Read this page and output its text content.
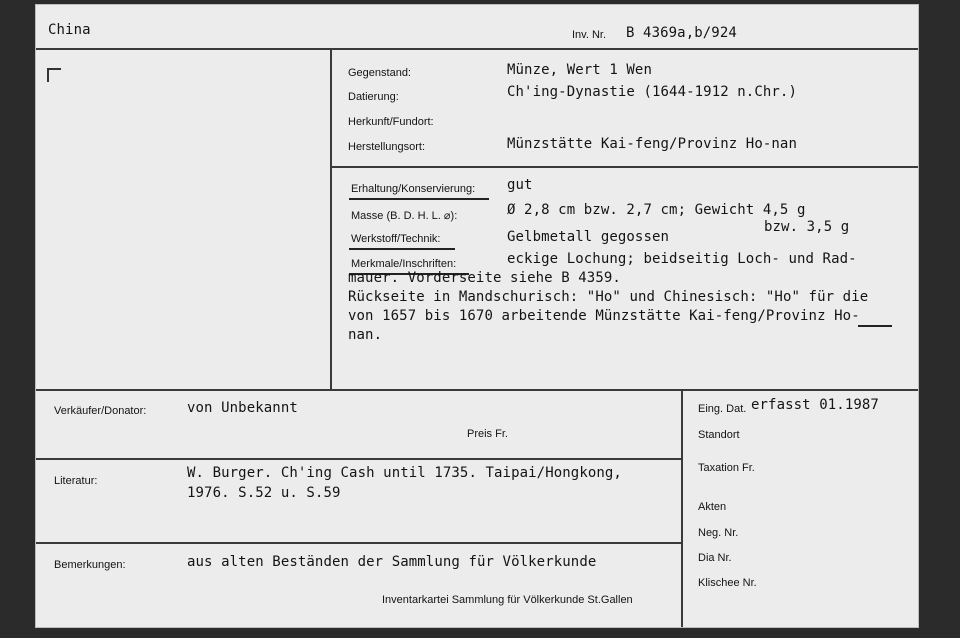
China	Inv. Nr. B 4369a,b/924
Gegenstand:	Münze, Wert 1 Wen
Datierung:	Ch'ing-Dynastie (1644-1912 n.Chr.)
Herkunft/Fundort:
Herstellungsort:	Münzstätte Kai-feng/Provinz Ho-nan
Erhaltung/Konservierung: gut
Masse (B. D. H. L. ⌀):	Ø 2,8 cm bzw. 2,7 cm; Gewicht 4,5 g
bzw. 3,5 g
Werkstoff/Technik:	Gelbmetall gegossen
Merkmale/Inschriften:	eckige Lochung; beidseitig Loch- und Rad-
mauer. Vorderseite siehe B 4359.
Rückseite in Mandschurisch: "Ho" und Chinesisch: "Ho" für die
von 1657 bis 1670 arbeitende Münzstätte Kai-feng/Provinz Ho-
nan.
Verkäufer/Donator:	von Unbekannt
Preis Fr.
Literatur:	W. Burger. Ch'ing Cash until 1735. Taipai/Hongkong,
1976. S.52 u. S.59
Bemerkungen:	aus alten Beständen der Sammlung für Völkerkunde
Inventarkartei Sammlung für Völkerkunde St.Gallen
Eing. Dat. erfasst 01.1987
Standort
Taxation Fr.
Akten
Neg. Nr.
Dia Nr.
Klischee Nr.
